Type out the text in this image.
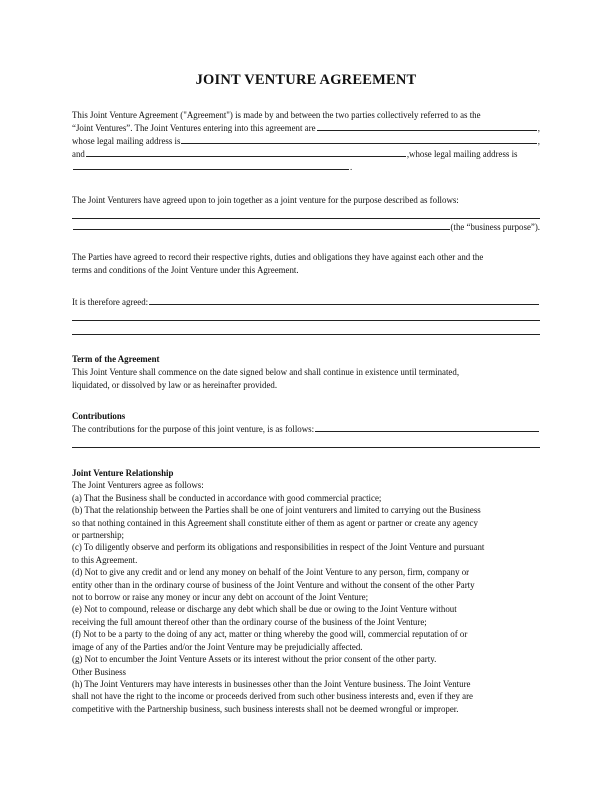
JOINT VENTURE AGREEMENT
This Joint Venture Agreement ("Agreement") is made by and between the two parties collectively referred to as the
“Joint Ventures”. The Joint Ventures entering into this agreement are	,
whose legal mailing address is	,
and	,whose legal mailing address is
.
The Joint Venturers have agreed upon to join together as a joint venture for the purpose described as follows:
(the “business purpose”).
The Parties have agreed to record their respective rights, duties and obligations they have against each other and the
terms and conditions of the Joint Venture under this Agreement.
It is therefore agreed:
Term of the Agreement
This Joint Venture shall commence on the date signed below and shall continue in existence until terminated,
liquidated, or dissolved by law or as hereinafter provided.
Contributions
The contributions for the purpose of this joint venture, is as follows:
Joint Venture Relationship
The Joint Venturers agree as follows:
(a) That the Business shall be conducted in accordance with good commercial practice;
(b) That the relationship between the Parties shall be one of joint venturers and limited to carrying out the Business
so that nothing contained in this Agreement shall constitute either of them as agent or partner or create any agency
or partnership;
(c) To diligently observe and perform its obligations and responsibilities in respect of the Joint Venture and pursuant
to this Agreement.
(d) Not to give any credit and or lend any money on behalf of the Joint Venture to any person, firm, company or
entity other than in the ordinary course of business of the Joint Venture and without the consent of the other Party
not to borrow or raise any money or incur any debt on account of the Joint Venture;
(e) Not to compound, release or discharge any debt which shall be due or owing to the Joint Venture without
receiving the full amount thereof other than the ordinary course of the business of the Joint Venture;
(f) Not to be a party to the doing of any act, matter or thing whereby the good will, commercial reputation of or
image of any of the Parties and/or the Joint Venture may be prejudicially affected.
(g) Not to encumber the Joint Venture Assets or its interest without the prior consent of the other party.
Other Business
(h) The Joint Venturers may have interests in businesses other than the Joint Venture business. The Joint Venture
shall not have the right to the income or proceeds derived from such other business interests and, even if they are
competitive with the Partnership business, such business interests shall not be deemed wrongful or improper.
